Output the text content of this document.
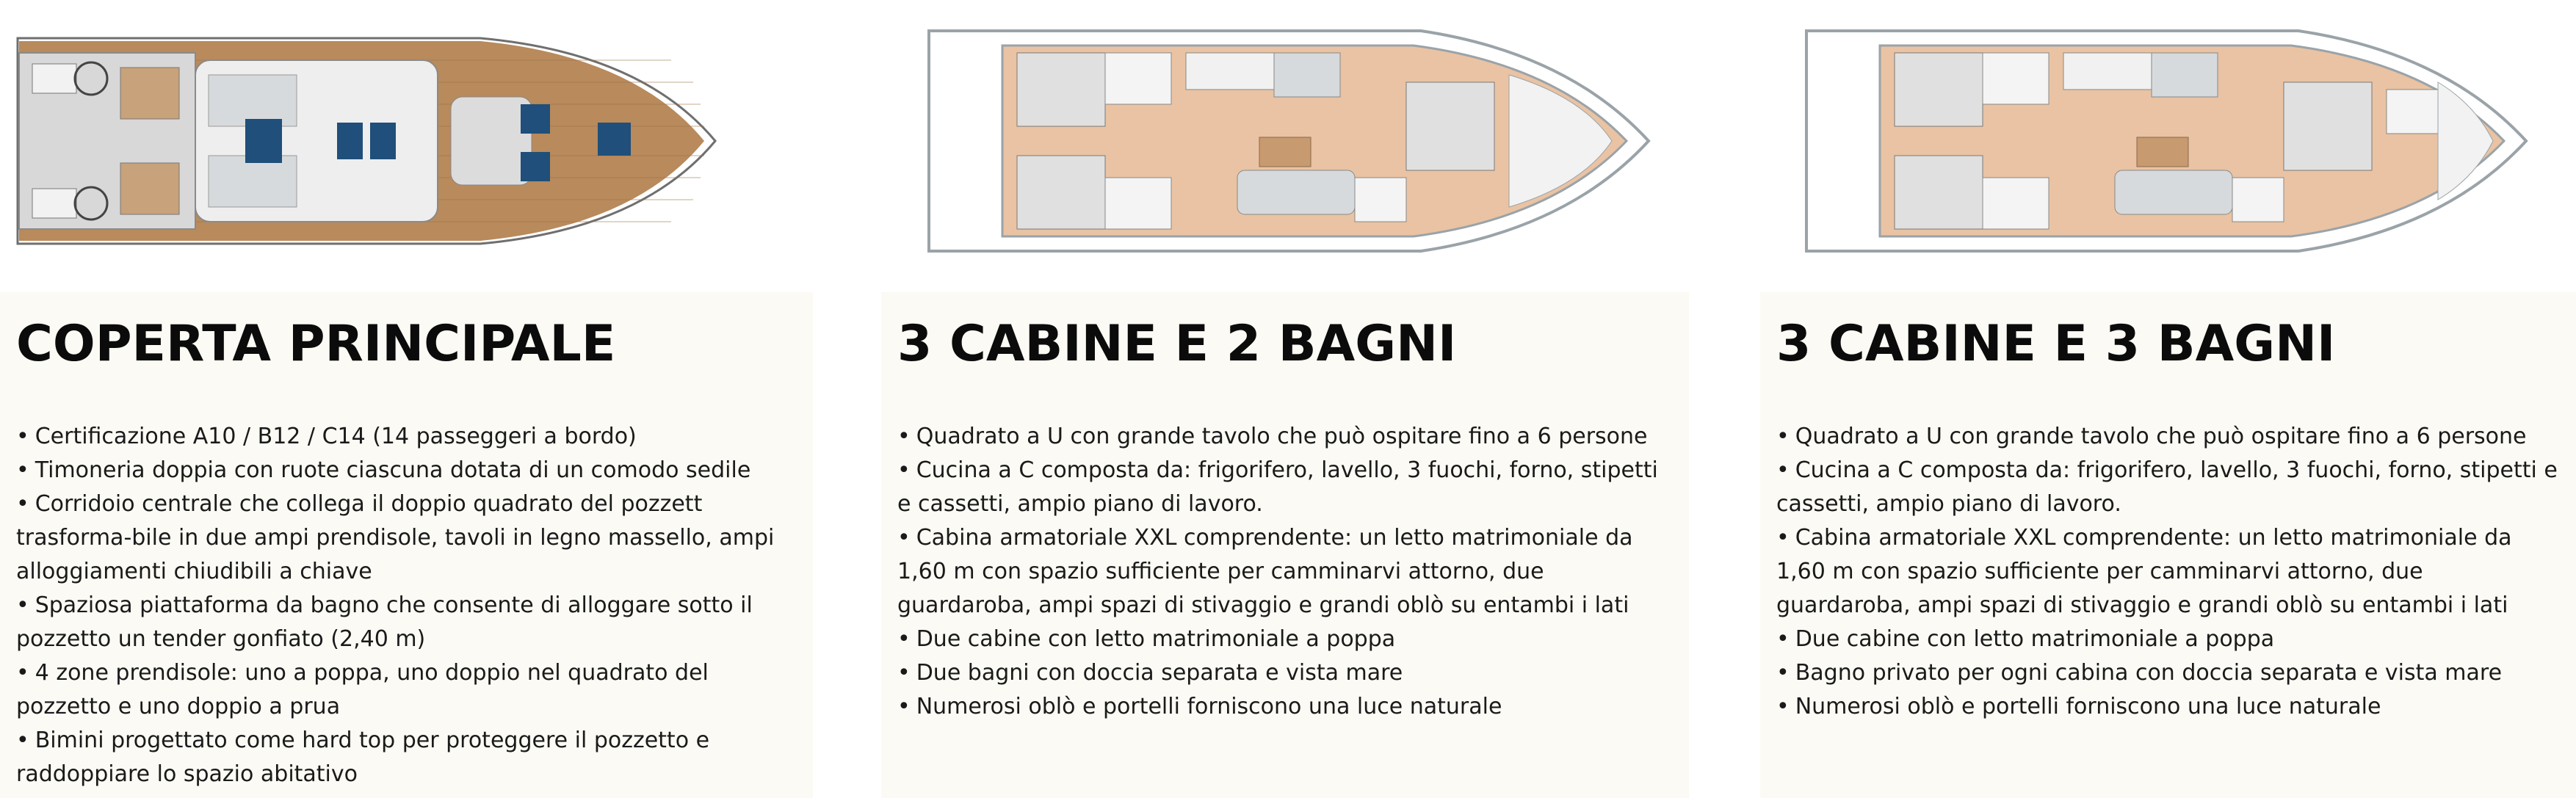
COPERTA PRINCIPALE
• Certificazione A10 / B12 / C14 (14 passeggeri a bordo)
• Timoneria doppia con ruote ciascuna dotata di un comodo sedile
• Corridoio centrale che collega il doppio quadrato del pozzett trasforma-bile in due ampi prendisole, tavoli in legno massello, ampi alloggiamenti chiudibili a chiave
• Spaziosa piattaforma da bagno che consente di alloggare sotto il pozzetto un tender gonfiato (2,40 m)
• 4 zone prendisole: uno a poppa, uno doppio nel quadrato del pozzetto e uno doppio a prua
• Bimini progettato come hard top per proteggere il pozzetto e raddoppiare lo spazio abitativo
3 CABINE E 2 BAGNI
• Quadrato a U con grande tavolo che può ospitare fino a 6 persone
• Cucina a C composta da: frigorifero, lavello, 3 fuochi, forno, stipetti e cassetti, ampio piano di lavoro.
• Cabina armatoriale XXL comprendente: un letto matrimoniale da 1,60 m con spazio sufficiente per camminarvi attorno, due guardaroba, ampi spazi di stivaggio e grandi oblò su entambi i lati
• Due cabine con letto matrimoniale a poppa
• Due bagni con doccia separata e vista mare
• Numerosi oblò e portelli forniscono una luce naturale
3 CABINE E 3 BAGNI
• Quadrato a U con grande tavolo che può ospitare fino a 6 persone
• Cucina a C composta da: frigorifero, lavello, 3 fuochi, forno, stipetti e cassetti, ampio piano di lavoro.
• Cabina armatoriale XXL comprendente: un letto matrimoniale da 1,60 m con spazio sufficiente per camminarvi attorno, due guardaroba, ampi spazi di stivaggio e grandi oblò su entambi i lati
• Due cabine con letto matrimoniale a poppa
• Bagno privato per ogni cabina con doccia separata e vista mare
• Numerosi oblò e portelli forniscono una luce naturale
